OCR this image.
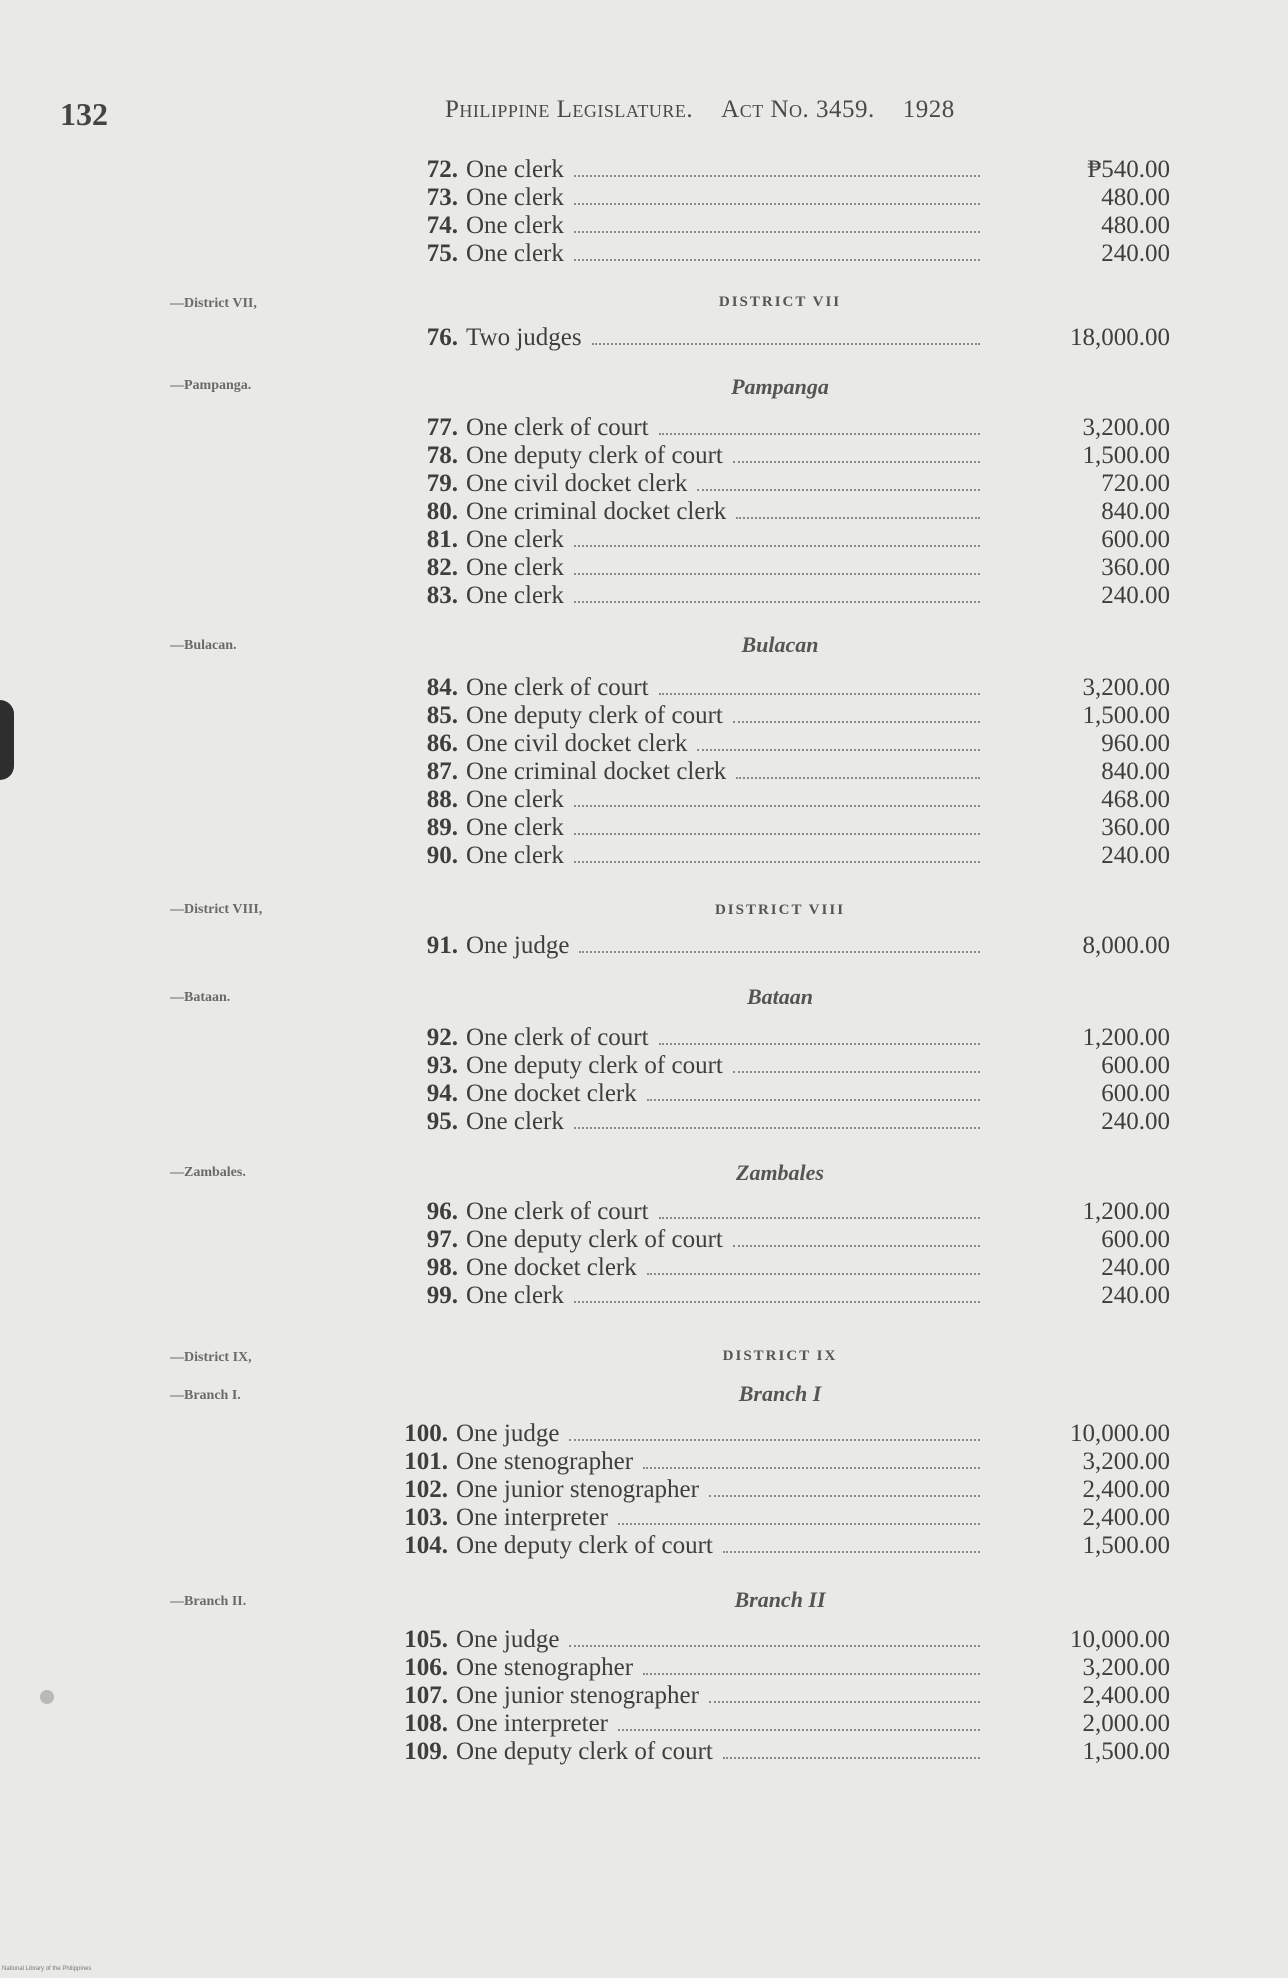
132	Philippine Legislature. Act No. 3459. 1928
—District VII,
—Pampanga.
—Bulacan.
—District VIII,
—Bataan.
—Zambales.
—District IX,
—Branch I.
—Branch II.
DISTRICT VII
Pampanga
Bulacan
DISTRICT VIII
Bataan
Zambales
DISTRICT IX
Branch I
Branch II
72. One clerk	₱540.00
73. One clerk	480.00
74. One clerk	480.00
75. One clerk	240.00
76. Two judges	18,000.00
77. One clerk of court	3,200.00
78. One deputy clerk of court	1,500.00
79. One civil docket clerk	720.00
80. One criminal docket clerk	840.00
81. One clerk	600.00
82. One clerk	360.00
83. One clerk	240.00
84. One clerk of court	3,200.00
85. One deputy clerk of court	1,500.00
86. One civil docket clerk	960.00
87. One criminal docket clerk	840.00
88. One clerk	468.00
89. One clerk	360.00
90. One clerk	240.00
91. One judge	8,000.00
92. One clerk of court	1,200.00
93. One deputy clerk of court	600.00
94. One docket clerk	600.00
95. One clerk	240.00
96. One clerk of court	1,200.00
97. One deputy clerk of court	600.00
98. One docket clerk	240.00
99. One clerk	240.00
100. One judge	10,000.00
101. One stenographer	3,200.00
102. One junior stenographer	2,400.00
103. One interpreter	2,400.00
104. One deputy clerk of court	1,500.00
105. One judge	10,000.00
106. One stenographer	3,200.00
107. One junior stenographer	2,400.00
108. One interpreter	2,000.00
109. One deputy clerk of court	1,500.00
National Library of the Philippines
